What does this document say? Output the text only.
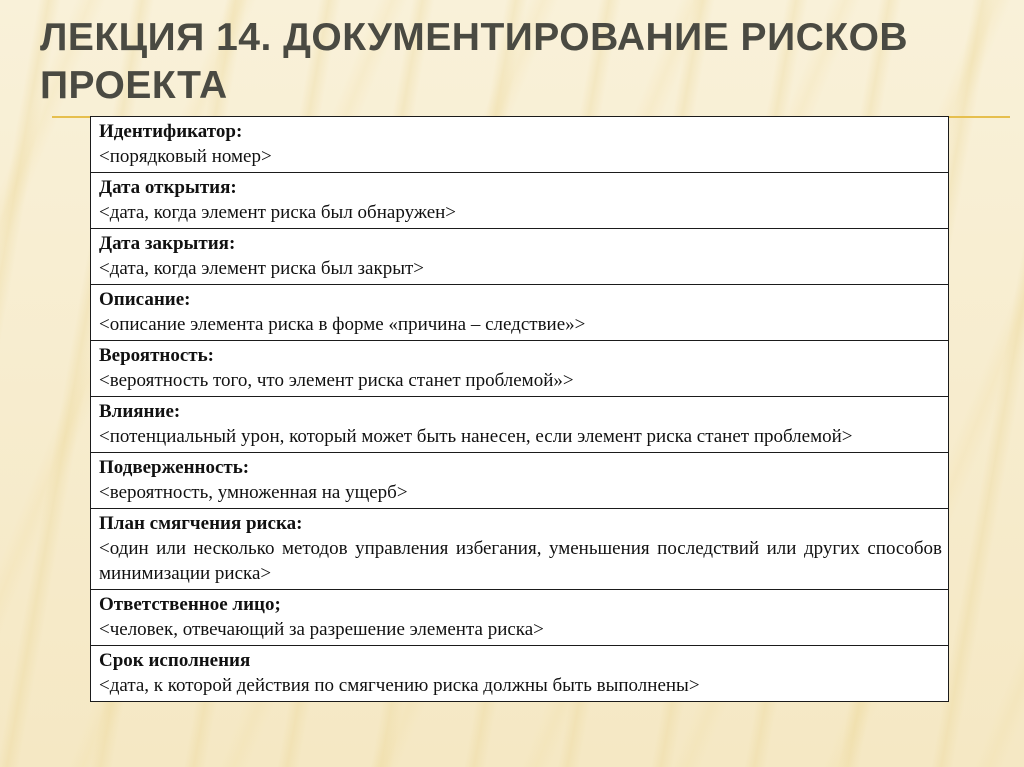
ЛЕКЦИЯ 14. ДОКУМЕНТИРОВАНИЕ РИСКОВ ПРОЕКТА
Идентификатор:
<порядковый номер>

Дата открытия:
<дата, когда элемент риска был обнаружен>

Дата закрытия:
<дата, когда элемент риска был закрыт>

Описание:
<описание элемента риска в форме «причина – следствие»>

Вероятность:
<вероятность того, что элемент риска станет проблемой»>

Влияние:
<потенциальный урон, который может быть нанесен, если элемент риска станет проблемой>

Подверженность:
<вероятность, умноженная на ущерб>

План смягчения риска:
<один или несколько методов управления избегания, уменьшения последствий или других способов минимизации риска>

Ответственное лицо;
<человек, отвечающий за разрешение элемента риска>

Срок исполнения
<дата, к которой действия по смягчению риска должны быть выполнены>
